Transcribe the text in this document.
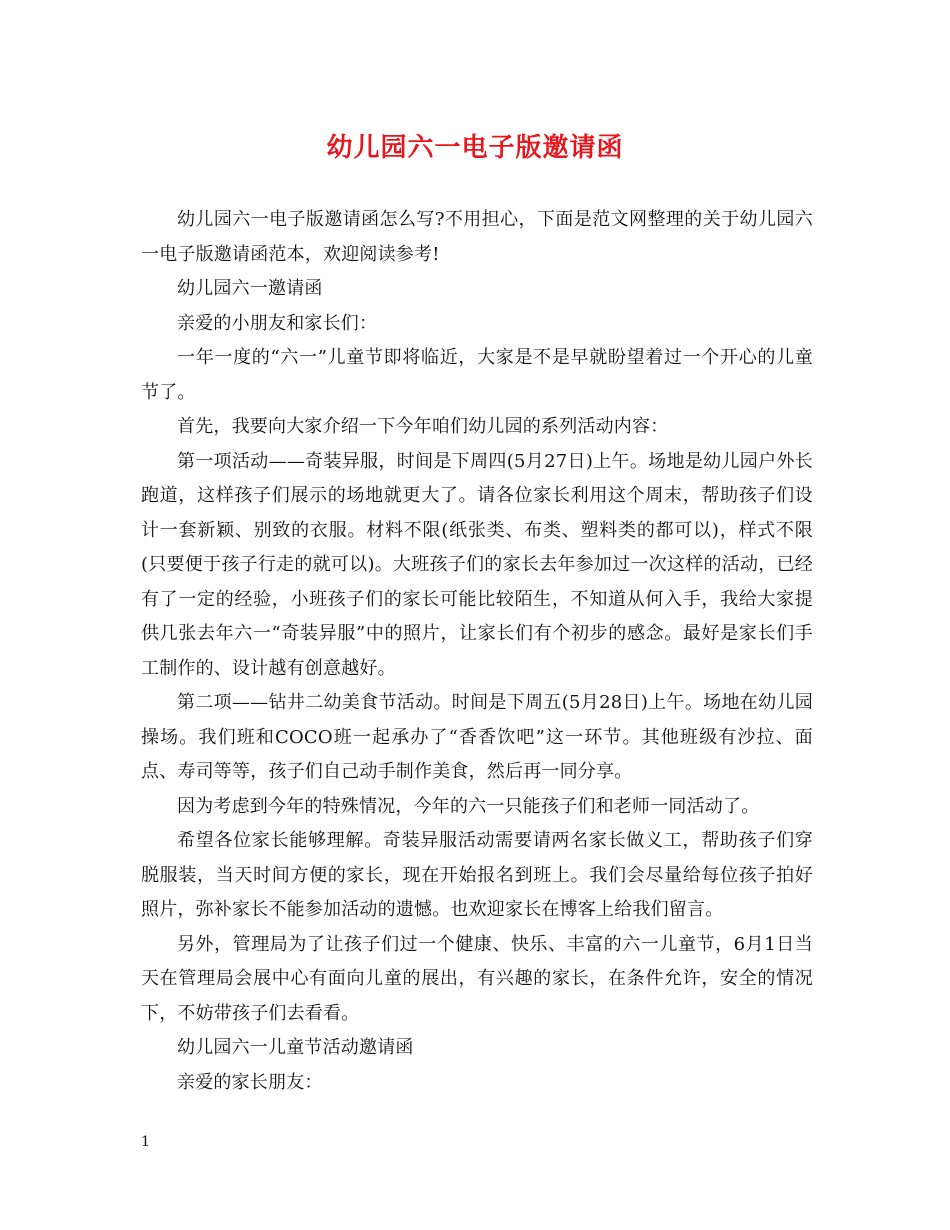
幼儿园六一电子版邀请函

幼儿园六一电子版邀请函怎么写?不用担心，下面是范文网整理的关于幼儿园六一电子版邀请函范本，欢迎阅读参考!

幼儿园六一邀请函

亲爱的小朋友和家长们：

一年一度的“六一”儿童节即将临近，大家是不是早就盼望着过一个开心的儿童节了。

首先，我要向大家介绍一下今年咱们幼儿园的系列活动内容：

第一项活动——奇装异服，时间是下周四(5月27日)上午。场地是幼儿园户外长跑道，这样孩子们展示的场地就更大了。请各位家长利用这个周末，帮助孩子们设计一套新颖、别致的衣服。材料不限(纸张类、布类、塑料类的都可以)，样式不限(只要便于孩子行走的就可以)。大班孩子们的家长去年参加过一次这样的活动，已经有了一定的经验，小班孩子们的家长可能比较陌生，不知道从何入手，我给大家提供几张去年六一“奇装异服”中的照片，让家长们有个初步的感念。最好是家长们手工制作的、设计越有创意越好。

第二项——钻井二幼美食节活动。时间是下周五(5月28日)上午。场地在幼儿园操场。我们班和COCO班一起承办了“香香饮吧”这一环节。其他班级有沙拉、面点、寿司等等，孩子们自己动手制作美食，然后再一同分享。

因为考虑到今年的特殊情况，今年的六一只能孩子们和老师一同活动了。

希望各位家长能够理解。奇装异服活动需要请两名家长做义工，帮助孩子们穿脱服装，当天时间方便的家长，现在开始报名到班上。我们会尽量给每位孩子拍好照片，弥补家长不能参加活动的遗憾。也欢迎家长在博客上给我们留言。

另外，管理局为了让孩子们过一个健康、快乐、丰富的六一儿童节，6月1日当天在管理局会展中心有面向儿童的展出，有兴趣的家长，在条件允许，安全的情况下，不妨带孩子们去看看。

幼儿园六一儿童节活动邀请函

亲爱的家长朋友：

1
